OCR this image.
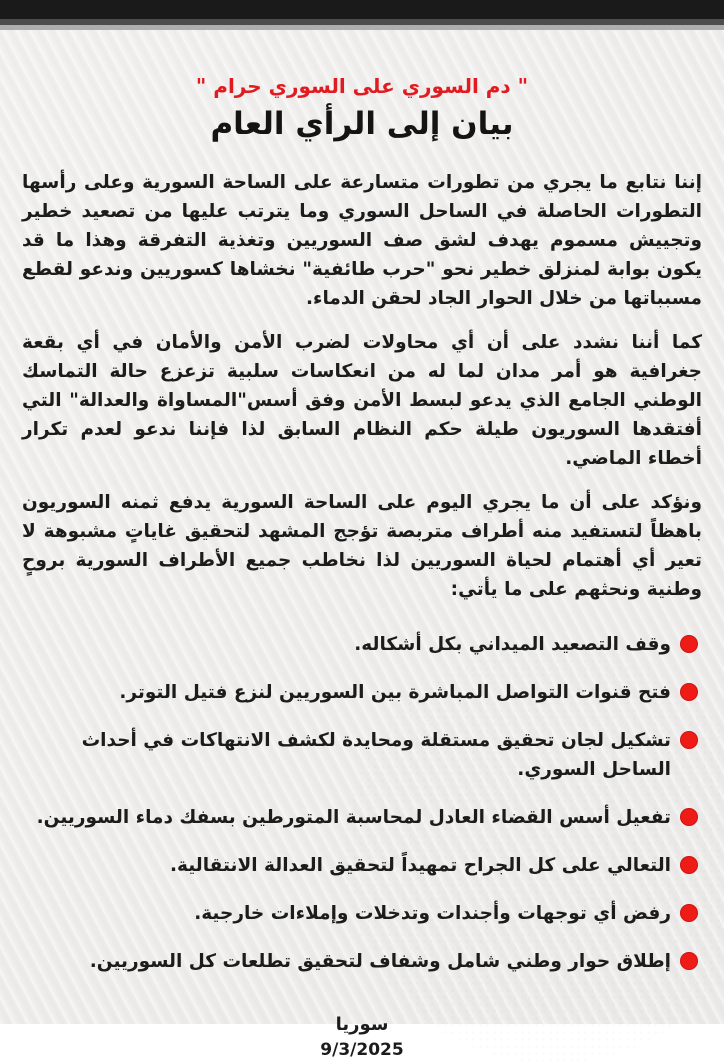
" دم السوري على السوري حرام "
بيان إلى الرأي العام

إننا نتابع ما يجري من تطورات متسارعة على الساحة السورية وعلى رأسها التطورات الحاصلة في الساحل السوري وما يترتب عليها من تصعيد خطير وتجييش مسموم يهدف لشق صف السوريين وتغذية التفرقة وهذا ما قد يكون بوابة لمنزلق خطير نحو "حرب طائفية" نخشاها كسوريين وندعو لقطع مسبباتها من خلال الحوار الجاد لحقن الدماء.

كما أننا نشدد على أن أي محاولات لضرب الأمن والأمان في أي بقعة جغرافية هو أمر مدان لما له من انعكاسات سلبية تزعزع حالة التماسك الوطني الجامع الذي يدعو لبسط الأمن وفق أسس"المساواة والعدالة" التي أفتقدها السوريون طيلة حكم النظام السابق لذا فإننا ندعو لعدم تكرار أخطاء الماضي.

ونؤكد على أن ما يجري اليوم على الساحة السورية يدفع ثمنه السوريون باهظاً لتستفيد منه أطراف متربصة تؤجج المشهد لتحقيق غاياتٍ مشبوهة لا تعير أي أهتمام لحياة السوريين لذا نخاطب جميع الأطراف السورية بروحٍ وطنية ونحثهم على ما يأتي:

وقف التصعيد الميداني بكل أشكاله.
فتح قنوات التواصل المباشرة بين السوريين لنزع فتيل التوتر.
تشكيل لجان تحقيق مستقلة ومحايدة لكشف الانتهاكات في أحداث الساحل السوري.
تفعيل أسس القضاء العادل لمحاسبة المتورطين بسفك دماء السوريين.
التعالي على كل الجراح تمهيداً لتحقيق العدالة الانتقالية.
رفض أي توجهات وأجندات وتدخلات وإملاءات خارجية.
إطلاق حوار وطني شامل وشفاف لتحقيق تطلعات كل السوريين.
سوريا
9/3/2025
